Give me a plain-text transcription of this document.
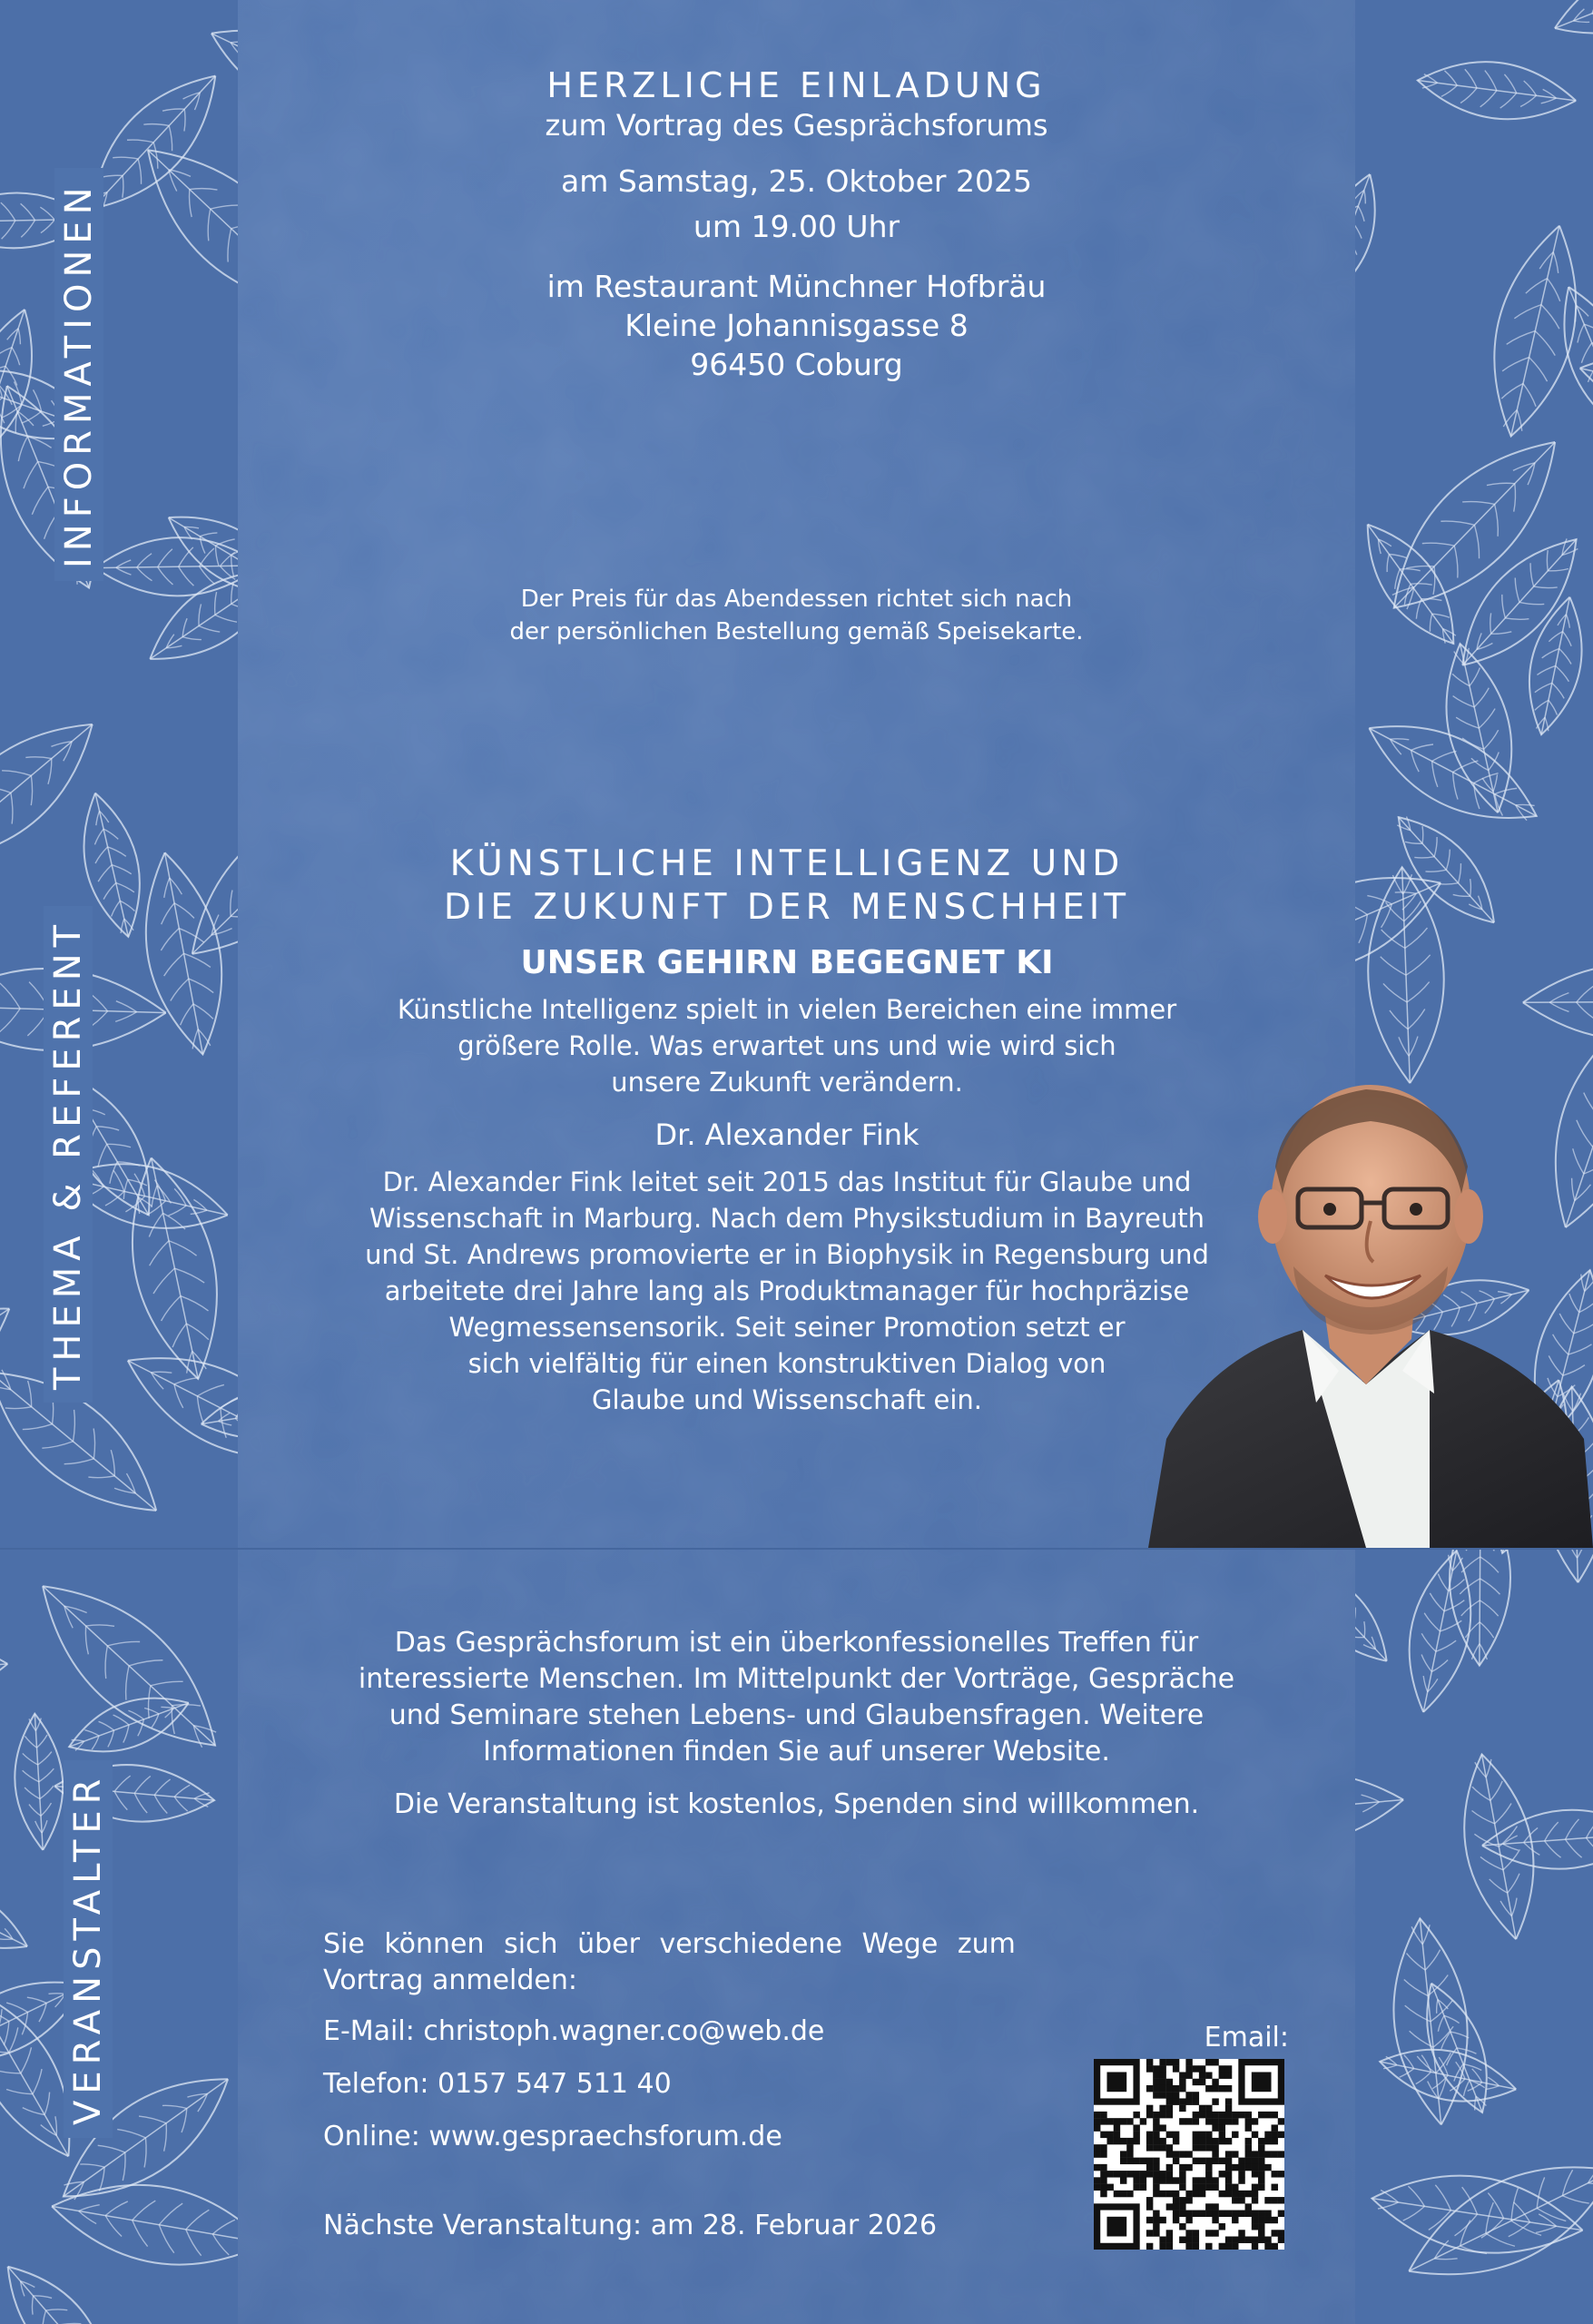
INFORMATIONEN
THEMA & REFERENT
VERANSTALTER
HERZLICHE EINLADUNG
zum Vortrag des Gesprächsforums
am Samstag, 25. Oktober 2025
um 19.00 Uhr
im Restaurant Münchner Hofbräu
Kleine Johannisgasse 8
96450 Coburg
Der Preis für das Abendessen richtet sich nach
der persönlichen Bestellung gemäß Speisekarte.
KÜNSTLICHE INTELLIGENZ UND
DIE ZUKUNFT DER MENSCHHEIT
UNSER GEHIRN BEGEGNET KI
Künstliche Intelligenz spielt in vielen Bereichen eine immer
größere Rolle. Was erwartet uns und wie wird sich
unsere Zukunft verändern.
Dr. Alexander Fink
Dr. Alexander Fink leitet seit 2015 das Institut für Glaube und
Wissenschaft in Marburg. Nach dem Physikstudium in Bayreuth
und St. Andrews promovierte er in Biophysik in Regensburg und
arbeitete drei Jahre lang als Produktmanager für hochpräzise
Wegmessensensorik. Seit seiner Promotion setzt er
sich vielfältig für einen konstruktiven Dialog von
Glaube und Wissenschaft ein.
Das Gesprächsforum ist ein überkonfessionelles Treffen für
interessierte Menschen. Im Mittelpunkt der Vorträge, Gespräche
und Seminare stehen Lebens- und Glaubensfragen. Weitere
Informationen finden Sie auf unserer Website.
Die Veranstaltung ist kostenlos, Spenden sind willkommen.
Sie können sich über verschiedene Wege zum
Vortrag anmelden:
E-Mail: christoph.wagner.co@web.de
Telefon: 0157 547 511 40
Online: www.gespraechsforum.de
Nächste Veranstaltung: am 28. Februar 2026
Email:
